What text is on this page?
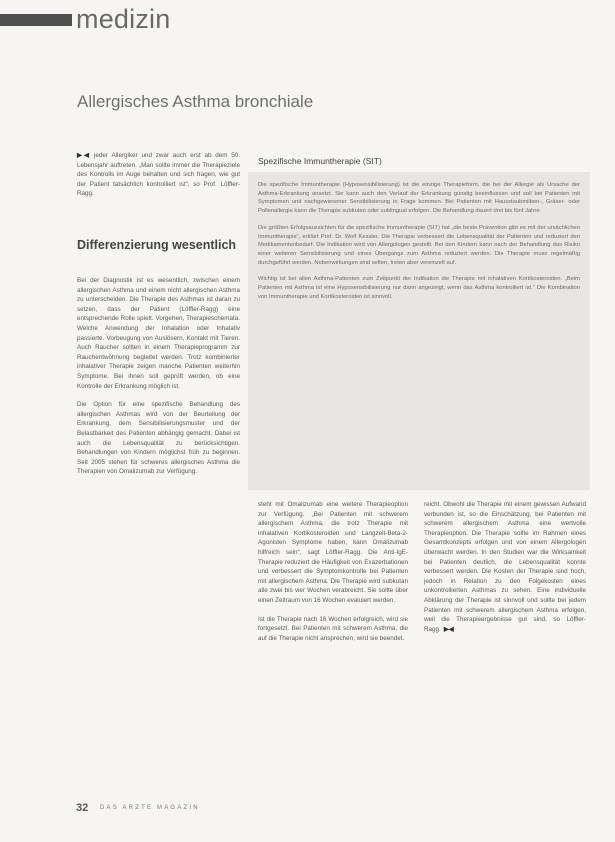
medizin
Allergisches Asthma bronchiale

▶◀ jeder Allergiker und zwar auch erst ab dem 50. Lebensjahr auftreten. „Man sollte immer die Therapieziele des Kontrolls im Auge behalten und sich fragen, wie gut der Patient tatsächlich kontrolliert ist“, so Prof. Löffler-Ragg.

Differenzierung wesentlich

Bei der Diagnostik ist es wesentlich, zwischen einem allergischen Asthma und einem nicht allergischen Asthma zu unterscheiden. Die Therapie des Asthmas ist daran zu setzen, dass der Patient (Löffler-Ragg) eine entsprechende Rolle spielt. Vorgehen, Therapieschemata. Welche Anwendung der Inhalation oder Inhalativ passierte. Vorbeugung von Auslösern, Kontakt mit Tieren. Auch Raucher sollten in einem Therapieprogramm zur Rauchentwöhnung begleitet werden. Trotz kombinierter inhalativer Therapie zeigen manche Patienten weiterhin Symptome. Bei ihnen soll geprüft werden, ob eine Kontrolle der Erkrankung möglich ist.

Die Option für eine spezifische Behandlung des allergischen Asthmas wird von der Beurteilung der Erkrankung, dem Sensibilisierungsmuster und der Belastbarkeit des Patienten abhängig gemacht. Dabei ist auch die Lebensqualität zu berücksichtigen. Behandlungen von Kindern möglichst früh zu beginnen. Seit 2005 stehen für schweres allergisches Asthma die Therapien von Omalizumab zur Verfügung.

Spezifische Immuntherapie (SIT)

Die spezifische Immuntherapie (Hyposensibilisierung) ist die einzige Therapieform, die bei der Allergie als Ursache der Asthma-Erkrankung ansetzt. Sie kann auch den Verlauf der Erkrankung günstig beeinflussen und soll bei Patienten mit Symptomen und nachgewiesener Sensibilisierung in Frage kommen. Bei Patienten mit Hausstaubmilben-, Gräser- oder Pollenallergie kann die Therapie subkutan oder sublingual erfolgen. Die Behandlung dauert drei bis fünf Jahre.

Die größten Erfolgsaussichten für die spezifische Immuntherapie (SIT) hat „die beste Prävention gibt es mit der ursächlichen Immuntherapie“, erklärt Prof. Dr. Wolf Kessler. Die Therapie verbessert die Lebensqualität der Patienten und reduziert den Medikamentenbedarf. Die Indikation wird von Allergologen gestellt. Bei den Kindern kann nach der Behandlung das Risiko einer weiteren Sensibilisierung und eines Übergangs zum Asthma reduziert werden. Die Therapie muss regelmäßig durchgeführt werden. Nebenwirkungen sind selten, treten aber vereinzelt auf.

Wichtig ist bei allen Asthma-Patienten zum Zeitpunkt der Indikation die Therapie mit inhalativen Kortikosteroiden. „Beim Patienten mit Asthma ist eine Hyposensibilisierung nur dann angezeigt, wenn das Asthma kontrolliert ist.“ Die Kombination von Immuntherapie und Kortikosteroiden ist sinnvoll.

steht mit Omalizumab eine weitere Therapieoption zur Verfügung. „Bei Patienten mit schwerem allergischem Asthma, die trotz Therapie mit inhalativen Kortikosteroiden und Langzeit-Beta-2-Agonisten Symptome haben, kann Omalizumab hilfreich sein“, sagt Löffler-Ragg. Die Anti-IgE-Therapie reduziert die Häufigkeit von Exazerbationen und verbessert die Symptomkontrolle bei Patienten mit allergischem Asthma. Die Therapie wird subkutan alle zwei bis vier Wochen verabreicht. Sie sollte über einen Zeitraum von 16 Wochen evaluiert werden.

Ist die Therapie nach 16 Wochen erfolgreich, wird sie fortgesetzt. Bei Patienten mit schwerem Asthma, die auf die Therapie nicht ansprechen, wird sie beendet.

reicht. Obwohl die Therapie mit einem gewissen Aufwand verbunden ist, so die Einschätzung, bei Patienten mit schwerem allergischem Asthma eine wertvolle Therapieoption. Die Therapie sollte im Rahmen eines Gesamtkonzepts erfolgen und von einem Allergologen überwacht werden. In den Studien war die Wirksamkeit bei Patienten deutlich, die Lebensqualität konnte verbessert werden. Die Kosten der Therapie sind hoch, jedoch in Relation zu den Folgekosten eines unkontrollierten Asthmas zu sehen. Eine individuelle Abklärung der Therapie ist sinnvoll und sollte bei jedem Patienten mit schwerem allergischem Asthma erfolgen, weil die Therapieergebnisse gut sind, so Löffler-Ragg. ▶◀

32 DAS ARZTE MAGAZIN
